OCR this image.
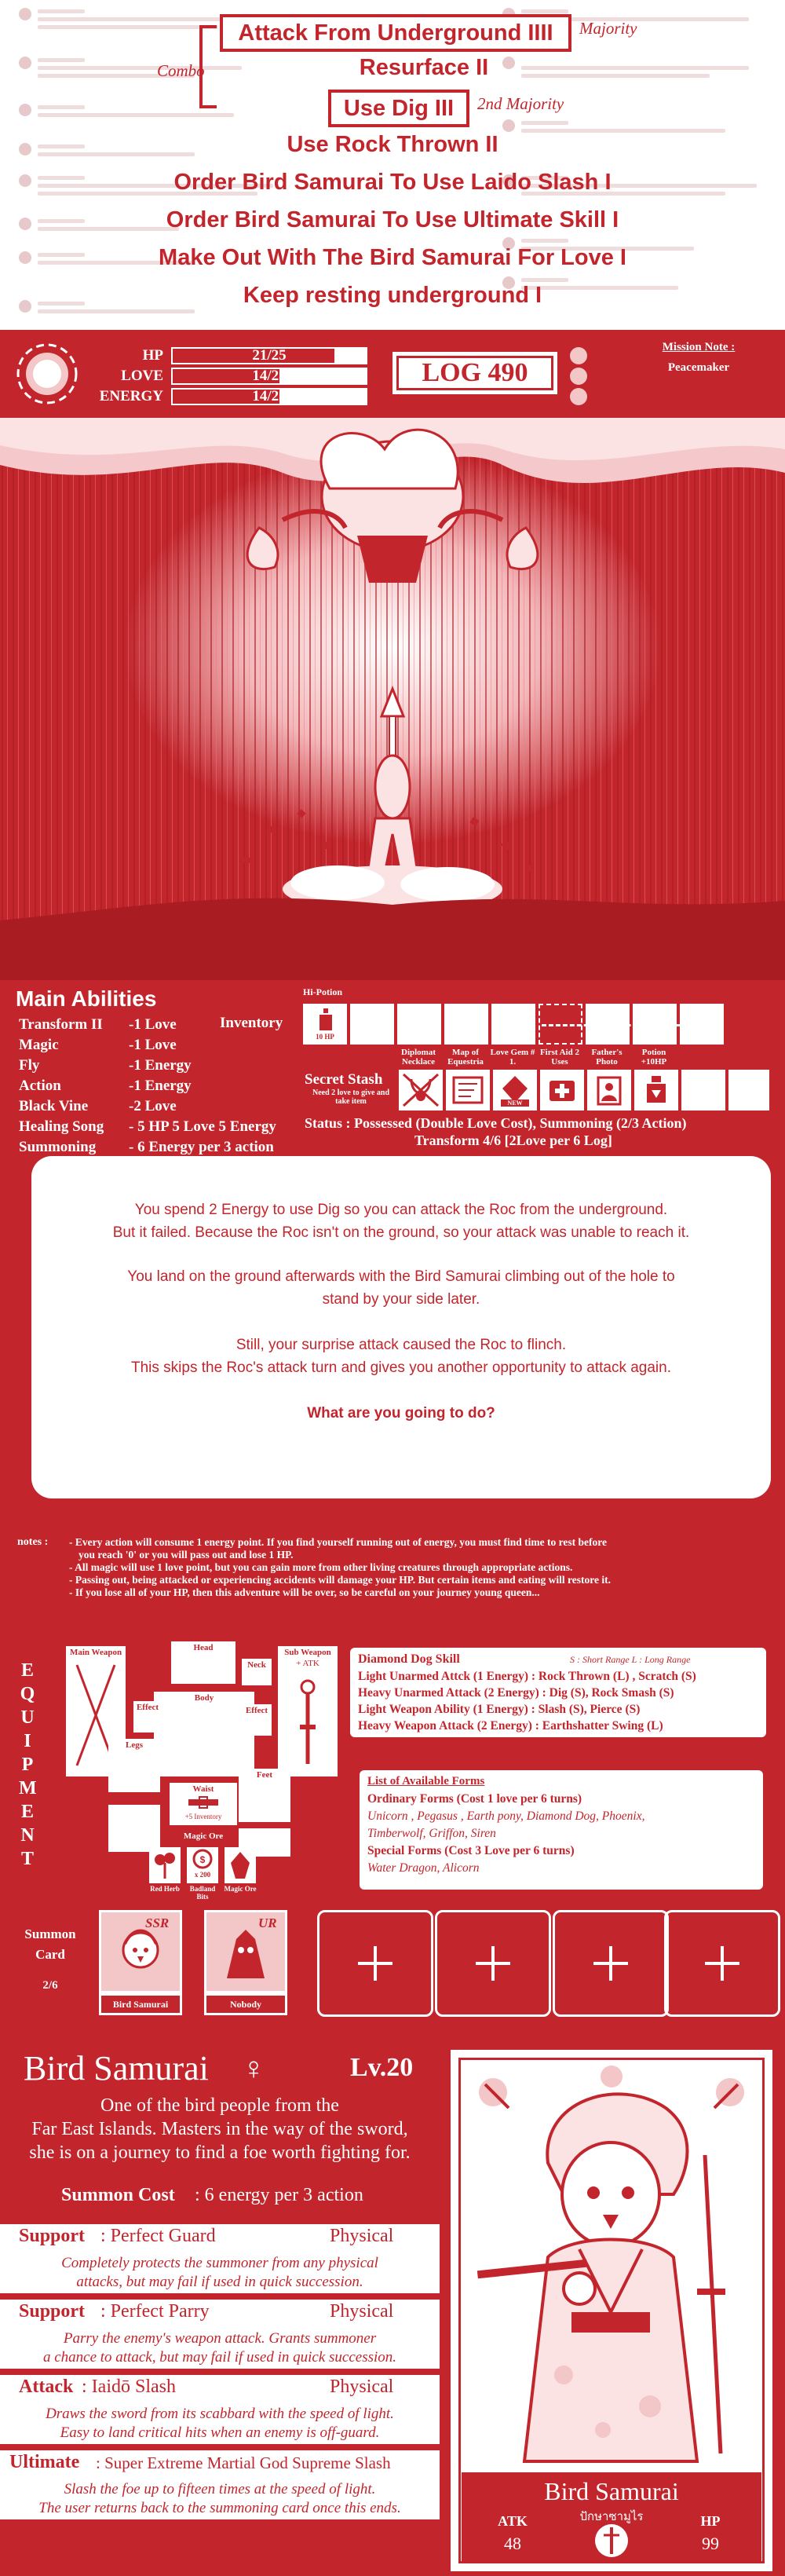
Attack From Underground IIII	Majority
Combo	Resurface II
Use Dig III	2nd Majority
Use Rock Thrown II
Order Bird Samurai To Use Laido Slash I
Order Bird Samurai To Use Ultimate Skill I
Make Out With The Bird Samurai For Love I
Keep resting underground I
HP	21/25
LOVE	14/25
ENERGY	14/25
LOG 490
Mission Note :
Peacemaker
Main Abilities
Transform II -1 Love
Magic	-1 Love
Fly	-1 Energy
Action	-1 Energy
Black Vine	-2 Love
Healing Song - 5 HP 5 Love 5 Energy
Summoning - 6 Energy per 3 action
Inventory
Hi-Potion
10 HP
Diplomat Necklace
Map of Equestria
Love Gem # 1.
First Aid 2 Uses
Father's Photo
Potion +10HP
Secret Stash
Need 2 love to give and take item	NEW
Status : Possessed (Double Love Cost), Summoning (2/3 Action)
Transform 4/6 [2Love per 6 Log]
You spend 2 Energy to use Dig so you can attack the Roc from the underground.
But it failed. Because the Roc isn't on the ground, so your attack was unable to reach it.
You land on the ground afterwards with the Bird Samurai climbing out of the hole to
stand by your side later.
Still, your surprise attack caused the Roc to flinch.
This skips the Roc's attack turn and gives you another opportunity to attack again.
What are you going to do?
notes : - Every action will consume 1 energy point. If you find yourself running out of energy, you must find time to rest before
you reach '0' or you will pass out and lose 1 HP.
- All magic will use 1 love point, but you can gain more from other living creatures through appropriate actions.
- Passing out, being attacked or experiencing accidents will damage your HP. But certain items and eating will restore it.
- If you lose all of your HP, then this adventure will be over, so be careful on your journey young queen...
EQUIPMENT
Main Weapon	Head	Sub Weapon
+ ATK
Body
Neck
Effect	Effect
Legs
Feet
Waist
+5 Inventory
Magic Ore
$
x 200
Red Herb	Badland Bits
Magic Ore
Diamond Dog Skill	S : Short Range L : Long Range
Light Unarmed Attck (1 Energy) : Rock Thrown (L) , Scratch (S)
Heavy Unarmed Attack (2 Energy) : Dig (S), Rock Smash (S)
Light Weapon Ability (1 Energy) : Slash (S), Pierce (S)
Heavy Weapon Attack (2 Energy) : Earthshatter Swing (L)
List of Available Forms
Ordinary Forms (Cost 1 love per 6 turns)
Unicorn , Pegasus , Earth pony, Diamond Dog, Phoenix,
Timberwolf, Griffon, Siren
Special Forms (Cost 3 Love per 6 turns)
Water Dragon, Alicorn
Summon Card
2/6
SSR
Bird Samurai
UR
Nobody
Bird Samurai ♀	Lv.20
One of the bird people from the
Far East Islands. Masters in the way of the sword,
she is on a journey to find a foe worth fighting for.
Summon Cost : 6 energy per 3 action
Support : Perfect Guard	Physical
Completely protects the summoner from any physical
attacks, but may fail if used in quick succession.
Support : Perfect Parry	Physical
Parry the enemy's weapon attack. Grants summoner
a chance to attack, but may fail if used in quick succession.
Attack : Iaidō Slash	Physical
Draws the sword from its scabbard with the speed of light.
Easy to land critical hits when an enemy is off-guard.
Ultimate : Super Extreme Martial God Supreme Slash
Slash the foe up to fifteen times at the speed of light.
The user returns back to the summoning card once this ends.
Bird Samurai
ปักษาซามูไร
ATK
48
HP
99
